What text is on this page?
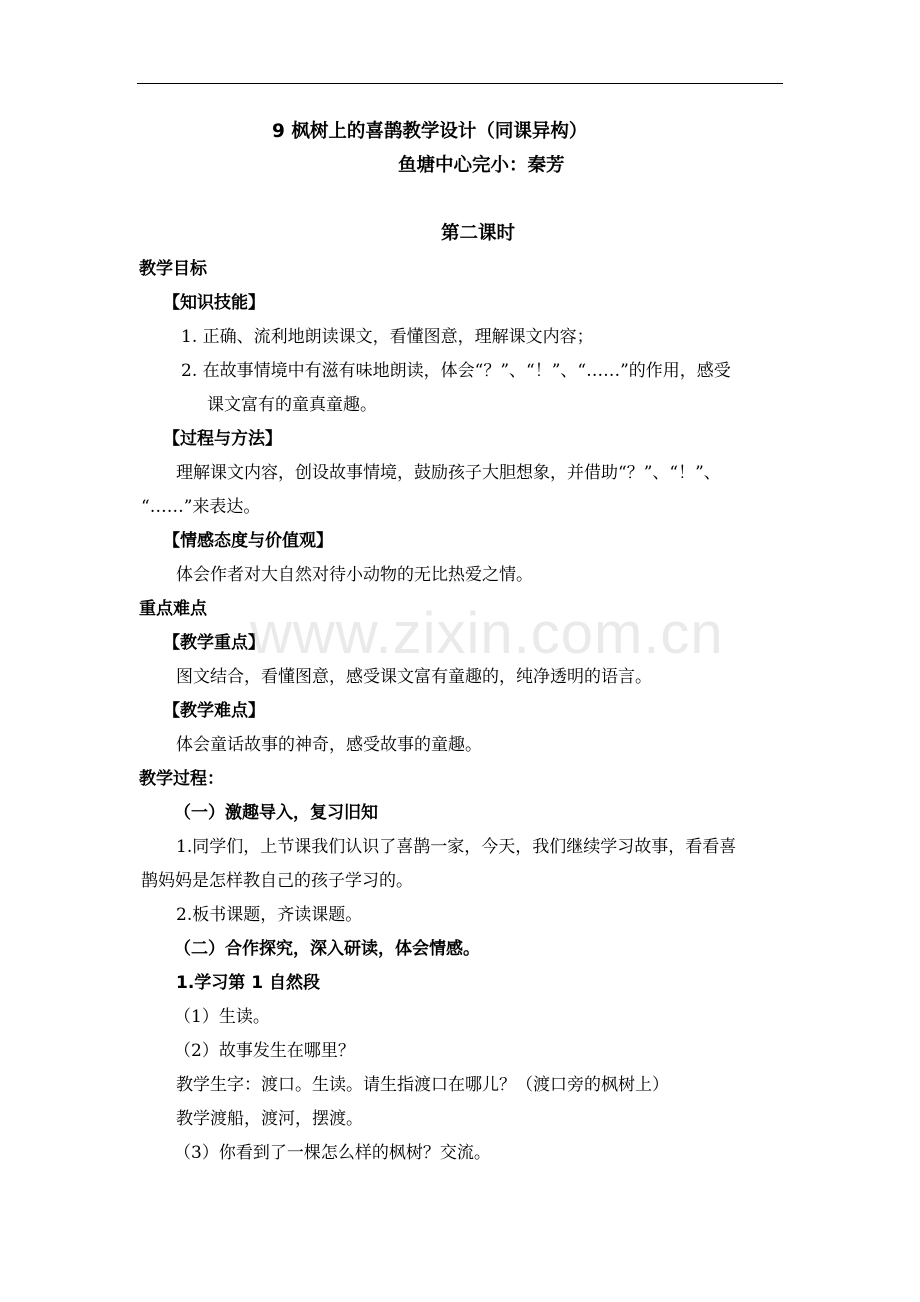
9 枫树上的喜鹊教学设计（同课异构）
鱼塘中心完小：秦芳
第二课时
教学目标
【知识技能】
1. 正确、流利地朗读课文，看懂图意，理解课文内容；
2. 在故事情境中有滋有味地朗读，体会“？”、“！”、“……”的作用，感受
课文富有的童真童趣。
【过程与方法】
理解课文内容，创设故事情境，鼓励孩子大胆想象，并借助“？”、“！”、
“……”来表达。
【情感态度与价值观】
体会作者对大自然对待小动物的无比热爱之情。
重点难点
【教学重点】
图文结合，看懂图意，感受课文富有童趣的，纯净透明的语言。
【教学难点】
体会童话故事的神奇，感受故事的童趣。
教学过程：
（一）激趣导入，复习旧知
1.同学们，上节课我们认识了喜鹊一家，今天，我们继续学习故事，看看喜
鹊妈妈是怎样教自己的孩子学习的。
2.板书课题，齐读课题。
（二）合作探究，深入研读，体会情感。
1.学习第 1 自然段
（1）生读。
（2）故事发生在哪里？
教学生字：渡口。生读。请生指渡口在哪儿？（渡口旁的枫树上）
教学渡船，渡河，摆渡。
（3）你看到了一棵怎么样的枫树？交流。
www.zixin.com.cn
